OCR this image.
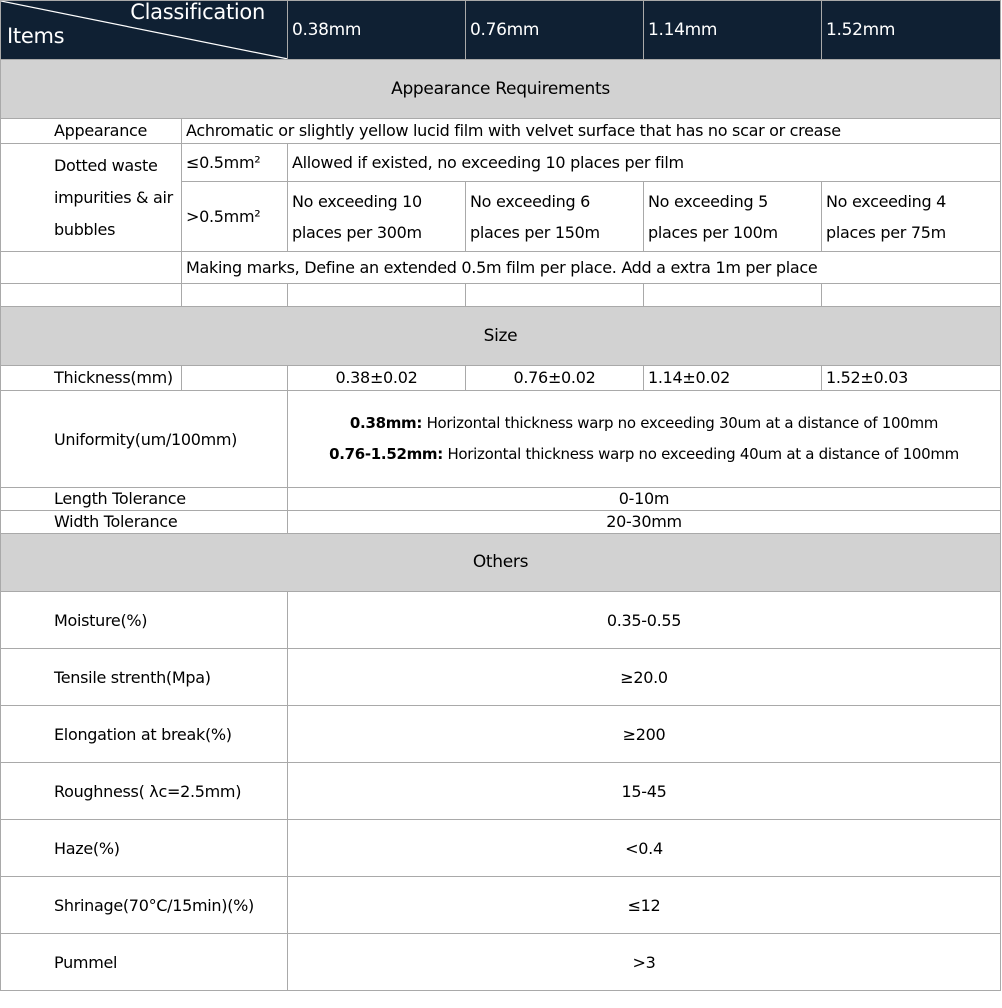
Classification
Items		0.38mm	0.76mm	1.14mm	1.52mm
Appearance Requirements					
Appearance	Achromatic or slightly yellow lucid film with velvet surface that has no scar or crease				
Dotted waste impurities & air bubbles	≤0.5mm²	Allowed if existed, no exceeding 10 places per film			
	>0.5mm²	No exceeding 10 places per 300m	No exceeding 6 places per 150m	No exceeding 5 places per 100m	No exceeding 4 places per 75m
	Making marks, Define an extended 0.5m film per place. Add a extra 1m per place				

Size					
Thickness(mm)		0.38±0.02	0.76±0.02	1.14±0.02	1.52±0.03
Uniformity(um/100mm)		0.38mm: Horizontal thickness warp no exceeding 30um at a distance of 100mm
0.76-1.52mm: Horizontal thickness warp no exceeding 40um at a distance of 100mm			

Length Tolerance		0-10m			
Width Tolerance		20-30mm			
Others					
Moisture(%)		0.35-0.55			
Tensile strenth(Mpa)		≥20.0			
Elongation at break(%)		≥200			
Roughness( λc=2.5mm)		15-45			
Haze(%)		<0.4			
Shrinage(70°C/15min)(%)		≤12			
Pummel		>3			
